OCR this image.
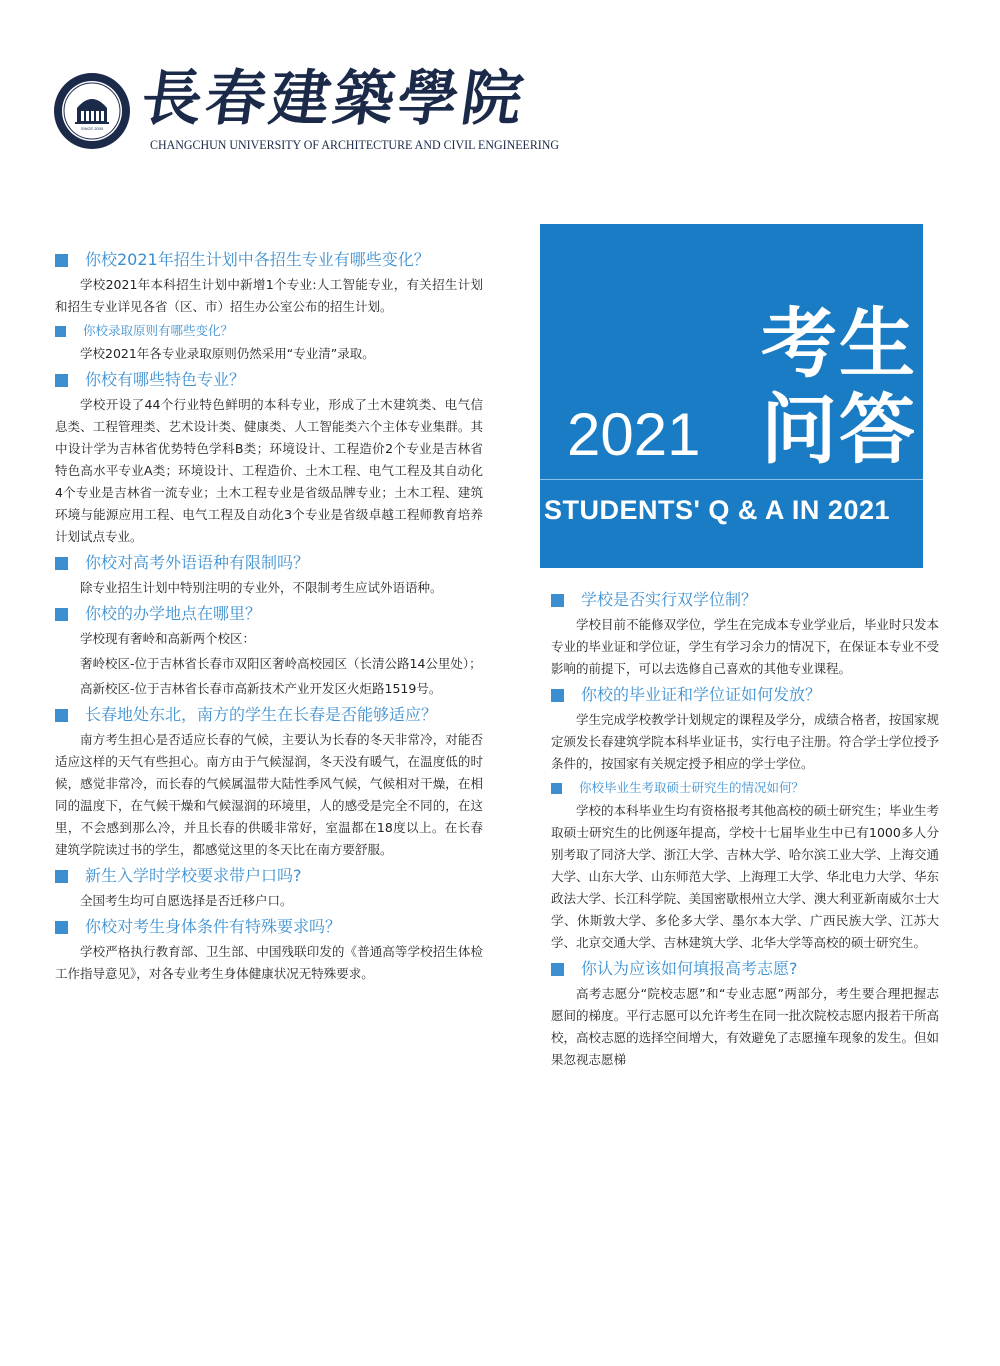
SINCE 2000 長春建築學院
CHANGCHUN UNIVERSITY OF ARCHITECTURE AND CIVIL ENGINEERING
考生
2021 问答
STUDENTS' Q & A IN 2021
你校2021年招生计划中各招生专业有哪些变化？

学校2021年本科招生计划中新增1个专业:人工智能专业，有关招生计划和招生专业详见各省（区、市）招生办公室公布的招生计划。

你校录取原则有哪些变化？

学校2021年各专业录取原则仍然采用“专业清”录取。

你校有哪些特色专业？

学校开设了44个行业特色鲜明的本科专业，形成了土木建筑类、电气信息类、工程管理类、艺术设计类、健康类、人工智能类六个主体专业集群。其中设计学为吉林省优势特色学科B类；环境设计、工程造价2个专业是吉林省特色高水平专业A类；环境设计、工程造价、土木工程、电气工程及其自动化4个专业是吉林省一流专业；土木工程专业是省级品牌专业；土木工程、建筑环境与能源应用工程、电气工程及自动化3个专业是省级卓越工程师教育培养计划试点专业。

你校对高考外语语种有限制吗？

除专业招生计划中特别注明的专业外，不限制考生应试外语语种。

你校的办学地点在哪里？

学校现有奢岭和高新两个校区：

奢岭校区-位于吉林省长春市双阳区奢岭高校园区（长清公路14公里处）；

高新校区-位于吉林省长春市高新技术产业开发区火炬路1519号。

长春地处东北，南方的学生在长春是否能够适应？

南方考生担心是否适应长春的气候，主要认为长春的冬天非常冷，对能否适应这样的天气有些担心。南方由于气候湿润，冬天没有暖气，在温度低的时候，感觉非常冷，而长春的气候属温带大陆性季风气候，气候相对干燥，在相同的温度下，在气候干燥和气候湿润的环境里，人的感受是完全不同的，在这里，不会感到那么冷，并且长春的供暖非常好，室温都在18度以上。在长春建筑学院读过书的学生，都感觉这里的冬天比在南方要舒服。

新生入学时学校要求带户口吗?

全国考生均可自愿选择是否迁移户口。

你校对考生身体条件有特殊要求吗？

学校严格执行教育部、卫生部、中国残联印发的《普通高等学校招生体检工作指导意见》，对各专业考生身体健康状况无特殊要求。

学校是否实行双学位制？

学校目前不能修双学位，学生在完成本专业学业后，毕业时只发本专业的毕业证和学位证，学生有学习余力的情况下，在保证本专业不受影响的前提下，可以去选修自己喜欢的其他专业课程。

你校的毕业证和学位证如何发放？

学生完成学校教学计划规定的课程及学分，成绩合格者，按国家规定颁发长春建筑学院本科毕业证书，实行电子注册。符合学士学位授予条件的，按国家有关规定授予相应的学士学位。

你校毕业生考取硕士研究生的情况如何？

学校的本科毕业生均有资格报考其他高校的硕士研究生；毕业生考取硕士研究生的比例逐年提高，学校十七届毕业生中已有1000多人分别考取了同济大学、浙江大学、吉林大学、哈尔滨工业大学、上海交通大学、山东大学、山东师范大学、上海理工大学、华北电力大学、华东政法大学、长江科学院、美国密歇根州立大学、澳大利亚新南威尔士大学、休斯敦大学、多伦多大学、墨尔本大学、广西民族大学、江苏大学、北京交通大学、吉林建筑大学、北华大学等高校的硕士研究生。

你认为应该如何填报高考志愿?

高考志愿分“院校志愿”和“专业志愿”两部分，考生要合理把握志愿间的梯度。平行志愿可以允许考生在同一批次院校志愿内报若干所高校，高校志愿的选择空间增大，有效避免了志愿撞车现象的发生。但如果忽视志愿梯
